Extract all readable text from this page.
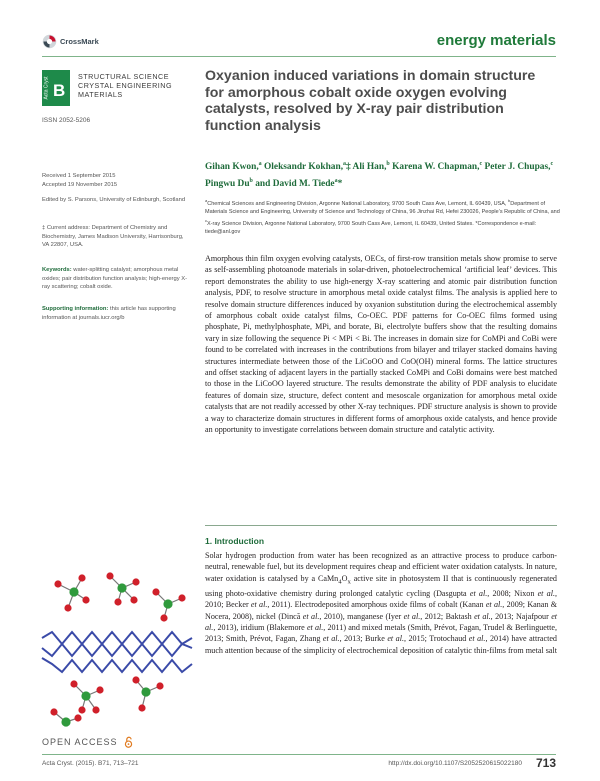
CrossMark	energy materials
Acta Cryst B
STRUCTURAL SCIENCE
CRYSTAL ENGINEERING
MATERIALS
ISSN 2052-5206
Oxyanion induced variations in domain structure for amorphous cobalt oxide oxygen evolving catalysts, resolved by X-ray pair distribution function analysis
Gihan Kwon,$^a$ Oleksandr Kokhan,$^a$‡ Ali Han,$^b$ Karena W. Chapman,$^c$ Peter J. Chupas,$^c$ Pingwu Du$^b$ and David M. Tiede$^a$*
$^a$Chemical Sciences and Engineering Division, Argonne National Laboratory, 9700 South Cass Ave, Lemont, IL 60439, USA, $^b$Department of Materials Science and Engineering, University of Science and Technology of China, 96 Jinzhai Rd, Hefei 230026, People’s Republic of China, and $^c$X-ray Science Division, Argonne National Laboratory, 9700 South Cass Ave, Lemont, IL 60439, United States. *Correspondence e-mail: tiede@anl.gov
Received 1 September 2015
Accepted 19 November 2015
Edited by S. Parsons, University of Edinburgh, Scotland
‡ Current address: Department of Chemistry and Biochemistry, James Madison University, Harrisonburg, VA 22807, USA.
Keywords: water-splitting catalyst; amorphous metal oxides; pair distribution function analysis; high-energy X-ray scattering; cobalt oxide.
Supporting information: this article has supporting information at journals.iucr.org/b

Amorphous thin film oxygen evolving catalysts, OECs, of first-row transition metals show promise to serve as self-assembling photoanode materials in solar-driven, photoelectrochemical ‘artificial leaf’ devices. This report demonstrates the ability to use high-energy X-ray scattering and atomic pair distribution function analysis, PDF, to resolve structure in amorphous metal oxide catalyst films. The analysis is applied here to resolve domain structure differences induced by oxyanion substitution during the electrochemical assembly of amorphous cobalt oxide catalyst films, Co-OEC. PDF patterns for Co-OEC films formed using phosphate, Pi, methylphosphate, MPi, and borate, Bi, electrolyte buffers show that the resulting domains vary in size following the sequence Pi < MPi < Bi. The increases in domain size for CoMPi and CoBi were found to be correlated with increases in the contributions from bilayer and trilayer stacked domains having structures intermediate between those of the LiCoOO and CoO(OH) mineral forms. The lattice structures and offset stacking of adjacent layers in the partially stacked CoMPi and CoBi domains were best matched to those in the LiCoOO layered structure. The results demonstrate the ability of PDF analysis to elucidate features of domain size, structure, defect content and mesoscale organization for amorphous metal oxide catalysts that are not readily accessed by other X-ray techniques. PDF structure analysis is shown to provide a way to characterize domain structures in different forms of amorphous oxide catalysts, and hence provide an opportunity to investigate correlations between domain structure and catalytic activity.

1. Introduction

Solar hydrogen production from water has been recognized as an attractive process to produce carbon-neutral, renewable fuel, but its development requires cheap and efficient water oxidation catalysts. In nature, water oxidation is catalysed by a $CaMn_4O_x$ active site in photosystem II that is continuously regenerated using photo-oxidative chemistry during prolonged catalytic cycling (Dasgupta et al., 2008; Nixon et al., 2010; Becker et al., 2011). Electrodeposited amorphous oxide films of cobalt (Kanan et al., 2009; Kanan & Nocera, 2008), nickel (Dincă et al., 2010), manganese (Iyer et al., 2012; Baktash et al., 2013; Najafpour et al., 2013), iridium (Blakemore et al., 2011) and mixed metals (Smith, Prévot, Fagan, Trudel & Berlinguette, 2013; Smith, Prévot, Fagan, Zhang et al., 2013; Burke et al., 2015; Trotochaud et al., 2014) have attracted much attention because of the simplicity of electrochemical deposition of catalytic thin-films from metal salt

OPEN ACCESS
Acta Cryst. (2015). B71, 713–721	http://dx.doi.org/10.1107/S2052520615022180 713
